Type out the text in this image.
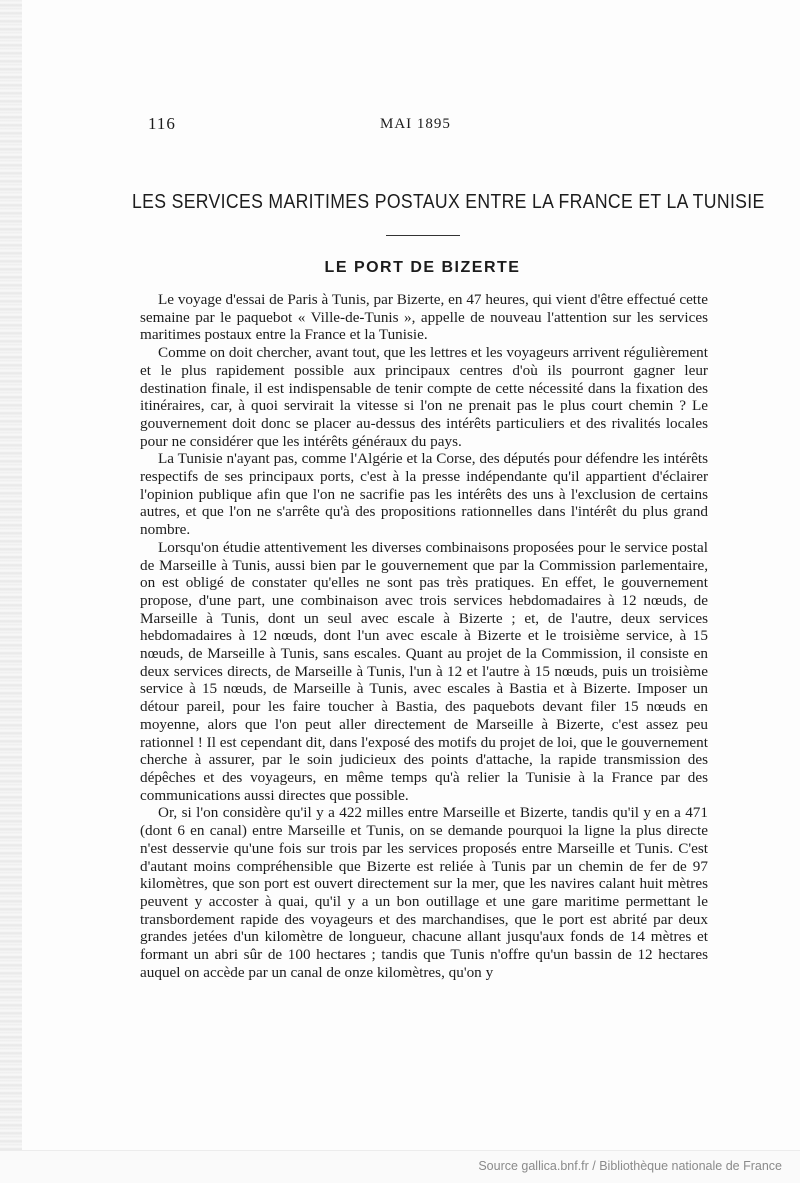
116	MAI 1895
LES SERVICES MARITIMES POSTAUX ENTRE LA FRANCE ET LA TUNISIE
LE PORT DE BIZERTE

Le voyage d'essai de Paris à Tunis, par Bizerte, en 47 heures, qui vient d'être effectué cette semaine par le paquebot « Ville-de-Tunis », appelle de nouveau l'attention sur les services maritimes postaux entre la France et la Tunisie.

Comme on doit chercher, avant tout, que les lettres et les voyageurs arrivent régulièrement et le plus rapidement possible aux principaux centres d'où ils pourront gagner leur destination finale, il est indispensable de tenir compte de cette nécessité dans la fixation des itinéraires, car, à quoi servirait la vitesse si l'on ne prenait pas le plus court chemin ? Le gouvernement doit donc se placer au-dessus des intérêts particuliers et des rivalités locales pour ne considérer que les intérêts généraux du pays.

La Tunisie n'ayant pas, comme l'Algérie et la Corse, des députés pour défendre les intérêts respectifs de ses principaux ports, c'est à la presse indépendante qu'il appartient d'éclairer l'opinion publique afin que l'on ne sacrifie pas les intérêts des uns à l'exclusion de certains autres, et que l'on ne s'arrête qu'à des propositions rationnelles dans l'intérêt du plus grand nombre.

Lorsqu'on étudie attentivement les diverses combinaisons proposées pour le service postal de Marseille à Tunis, aussi bien par le gouvernement que par la Commission parlementaire, on est obligé de constater qu'elles ne sont pas très pratiques. En effet, le gouvernement propose, d'une part, une combinaison avec trois services hebdomadaires à 12 nœuds, de Marseille à Tunis, dont un seul avec escale à Bizerte ; et, de l'autre, deux services hebdomadaires à 12 nœuds, dont l'un avec escale à Bizerte et le troisième service, à 15 nœuds, de Marseille à Tunis, sans escales. Quant au projet de la Commission, il consiste en deux services directs, de Marseille à Tunis, l'un à 12 et l'autre à 15 nœuds, puis un troisième service à 15 nœuds, de Marseille à Tunis, avec escales à Bastia et à Bizerte. Imposer un détour pareil, pour les faire toucher à Bastia, des paquebots devant filer 15 nœuds en moyenne, alors que l'on peut aller directement de Marseille à Bizerte, c'est assez peu rationnel ! Il est cependant dit, dans l'exposé des motifs du projet de loi, que le gouvernement cherche à assurer, par le soin judicieux des points d'attache, la rapide transmission des dépêches et des voyageurs, en même temps qu'à relier la Tunisie à la France par des communications aussi directes que possible.

Or, si l'on considère qu'il y a 422 milles entre Marseille et Bizerte, tandis qu'il y en a 471 (dont 6 en canal) entre Marseille et Tunis, on se demande pourquoi la ligne la plus directe n'est desservie qu'une fois sur trois par les services proposés entre Marseille et Tunis. C'est d'autant moins compréhensible que Bizerte est reliée à Tunis par un chemin de fer de 97 kilomètres, que son port est ouvert directement sur la mer, que les navires calant huit mètres peuvent y accoster à quai, qu'il y a un bon outillage et une gare maritime permettant le transbordement rapide des voyageurs et des marchandises, que le port est abrité par deux grandes jetées d'un kilomètre de longueur, chacune allant jusqu'aux fonds de 14 mètres et formant un abri sûr de 100 hectares ; tandis que Tunis n'offre qu'un bassin de 12 hectares auquel on accède par un canal de onze kilomètres, qu'on y

Source gallica.bnf.fr / Bibliothèque nationale de France
